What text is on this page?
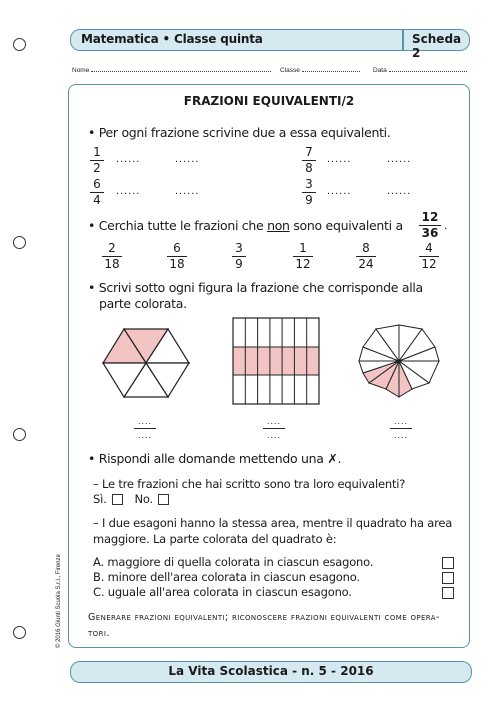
Matematica • Classe quinta	Scheda 2
Nome	Classe	Data
© 2016 Giunti Scuola S.r.l., Firenze
FRAZIONI EQUIVALENTI/2
• Per ogni frazione scrivine due a essa equivalenti.
1
2
......	......
6
4
......	......
7
8
......	......
3
9
......	......
• Cerchia tutte le frazioni che non sono equivalenti a
12
36
.
2
18
6
18
3
9
1
12
8
24
4
12
• Scrivi sotto ogni figura la frazione che corrisponde alla
parte colorata.
....
....
....
....
....
....
• Rispondi alle domande mettendo una ✗.
– Le tre frazioni che hai scritto sono tra loro equivalenti?
Sì. No.
– I due esagoni hanno la stessa area, mentre il quadrato ha area
maggiore. La parte colorata del quadrato è:
A. maggiore di quella colorata in ciascun esagono.
B. minore dell'area colorata in ciascun esagono.
C. uguale all'area colorata in ciascun esagono.
Generare frazioni equivalenti; riconoscere frazioni equivalenti come opera-
tori.
La Vita Scolastica - n. 5 - 2016
